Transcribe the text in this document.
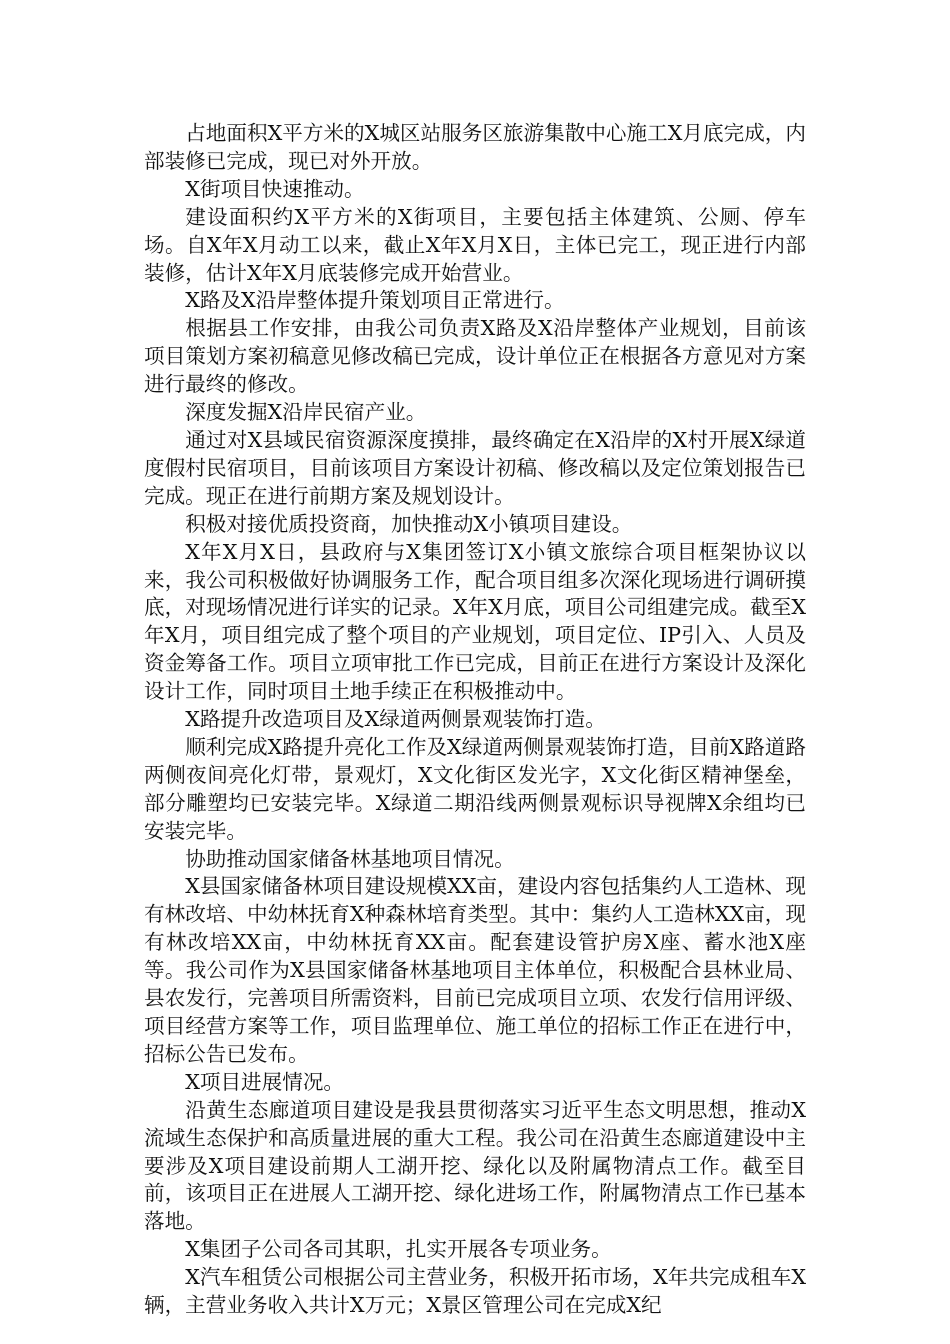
占地面积X平方米的X城区站服务区旅游集散中心施工X月底完成，内部装修已完成，现已对外开放。

X街项目快速推动。

建设面积约X平方米的X街项目，主要包括主体建筑、公厕、停车场。自X年X月动工以来，截止X年X月X日，主体已完工，现正进行内部装修，估计X年X月底装修完成开始营业。

X路及X沿岸整体提升策划项目正常进行。

根据县工作安排，由我公司负责X路及X沿岸整体产业规划，目前该项目策划方案初稿意见修改稿已完成，设计单位正在根据各方意见对方案进行最终的修改。

深度发掘X沿岸民宿产业。

通过对X县域民宿资源深度摸排，最终确定在X沿岸的X村开展X绿道度假村民宿项目，目前该项目方案设计初稿、修改稿以及定位策划报告已完成。现正在进行前期方案及规划设计。

积极对接优质投资商，加快推动X小镇项目建设。

X年X月X日，县政府与X集团签订X小镇文旅综合项目框架协议以来，我公司积极做好协调服务工作，配合项目组多次深化现场进行调研摸底，对现场情况进行详实的记录。X年X月底，项目公司组建完成。截至X年X月，项目组完成了整个项目的产业规划，项目定位、IP引入、人员及资金筹备工作。项目立项审批工作已完成，目前正在进行方案设计及深化设计工作，同时项目土地手续正在积极推动中。

X路提升改造项目及X绿道两侧景观装饰打造。

顺利完成X路提升亮化工作及X绿道两侧景观装饰打造，目前X路道路两侧夜间亮化灯带，景观灯，X文化街区发光字，X文化街区精神堡垒，部分雕塑均已安装完毕。X绿道二期沿线两侧景观标识导视牌X余组均已安装完毕。

协助推动国家储备林基地项目情况。

X县国家储备林项目建设规模XX亩，建设内容包括集约人工造林、现有林改培、中幼林抚育X种森林培育类型。其中：集约人工造林XX亩，现有林改培XX亩，中幼林抚育XX亩。配套建设管护房X座、蓄水池X座等。我公司作为X县国家储备林基地项目主体单位，积极配合县林业局、县农发行，完善项目所需资料，目前已完成项目立项、农发行信用评级、项目经营方案等工作，项目监理单位、施工单位的招标工作正在进行中，招标公告已发布。

X项目进展情况。

沿黄生态廊道项目建设是我县贯彻落实习近平生态文明思想，推动X流域生态保护和高质量进展的重大工程。我公司在沿黄生态廊道建设中主要涉及X项目建设前期人工湖开挖、绿化以及附属物清点工作。截至目前，该项目正在进展人工湖开挖、绿化进场工作，附属物清点工作已基本落地。

X集团子公司各司其职，扎实开展各专项业务。

X汽车租赁公司根据公司主营业务，积极开拓市场，X年共完成租车X辆，主营业务收入共计X万元；X景区管理公司在完成X纪
